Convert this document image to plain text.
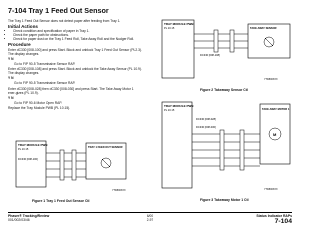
7-104 Tray 1 Feed Out Sensor

The Tray 1 Feed Out Sensor does not detect paper after feeding from Tray 1.

Initial Actions
• Check condition and specification of paper in Tray 1.
• Check the paper path for obstructions.
• Check for paper dust on the Tray 1 Feed Roll, Take Away Roll and the Nudger Roll.
Procedure

Enter dC330 [008-100] and press Start. Block and unblock Tray 1 Feed Out Sensor (PL2.3). The display changes.

Y N

Go to FIP 90-5 Transmissive Sensor RAP.

Enter dC330 [008-108] and press Start. Block and unblock the Take Away Sensor (PL 10.9). The display changes.

Y N

Go to FIP 90-5 Transmissive Sensor RAP.

Enter dC330 [008-028] then dC330 [008-030] and press Start. The Take Away Motor 1 ener-gizes (PL 10.9).

Y N

Go to FIP 90-6 Motor Open RAP.

Replace the Tray Module PWB (PL 10.15).

TRAY MODULE PWB
PL 10.15
DC330 [008-100]
TRAY 1 FEED OUT SENSOR
YTD800XXX
Figure 1 Tray 1 Feed Out Sensor Ctl
TRAY MODULE PWB
PL 10.15
DC330 [008-108]
TAKE AWAY SENSOR
YTD800XXX
Figure 2 Takeaway Sensor Ctl
TRAY MODULE PWB
PL 10.15
DC330 [008-028]
DC330 [008-030]
TAKE AWAY MOTOR 1
M
YTD800XXX
Figure 3 Takeaway Motor 1 Ctl
Phaser® Tracking/Review
001/002/03/46
6/00
2-97
Status Indicator RAPs
7-104
